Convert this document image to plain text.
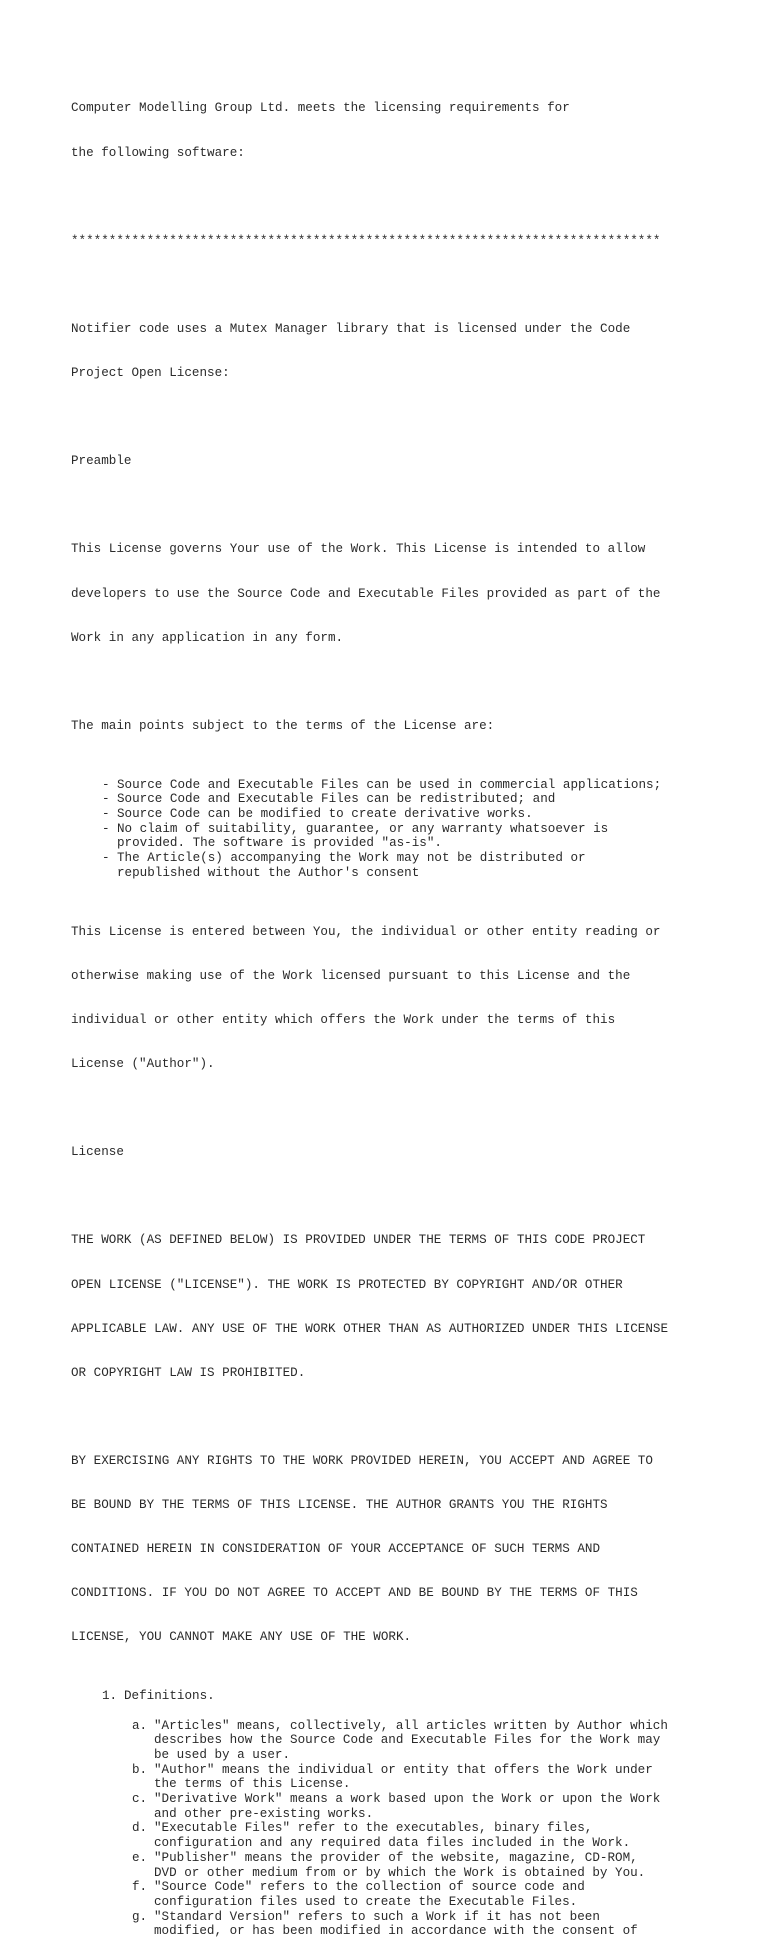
Computer Modelling Group Ltd. meets the licensing requirements for

the following software:

******************************************************************************

Notifier code uses a Mutex Manager library that is licensed under the Code

Project Open License:

Preamble

This License governs Your use of the Work. This License is intended to allow

developers to use the Source Code and Executable Files provided as part of the

Work in any application in any form.

The main points subject to the terms of the License are:

- Source Code and Executable Files can be used in commercial applications;
- Source Code and Executable Files can be redistributed; and
- Source Code can be modified to create derivative works.
- No claim of suitability, guarantee, or any warranty whatsoever is
provided. The software is provided "as-is".
- The Article(s) accompanying the Work may not be distributed or
republished without the Author's consent

This License is entered between You, the individual or other entity reading or

otherwise making use of the Work licensed pursuant to this License and the

individual or other entity which offers the Work under the terms of this

License ("Author").

License

THE WORK (AS DEFINED BELOW) IS PROVIDED UNDER THE TERMS OF THIS CODE PROJECT

OPEN LICENSE ("LICENSE"). THE WORK IS PROTECTED BY COPYRIGHT AND/OR OTHER

APPLICABLE LAW. ANY USE OF THE WORK OTHER THAN AS AUTHORIZED UNDER THIS LICENSE

OR COPYRIGHT LAW IS PROHIBITED.

BY EXERCISING ANY RIGHTS TO THE WORK PROVIDED HEREIN, YOU ACCEPT AND AGREE TO

BE BOUND BY THE TERMS OF THIS LICENSE. THE AUTHOR GRANTS YOU THE RIGHTS

CONTAINED HEREIN IN CONSIDERATION OF YOUR ACCEPTANCE OF SUCH TERMS AND

CONDITIONS. IF YOU DO NOT AGREE TO ACCEPT AND BE BOUND BY THE TERMS OF THIS

LICENSE, YOU CANNOT MAKE ANY USE OF THE WORK.

1. Definitions.
a. "Articles" means, collectively, all articles written by Author which
describes how the Source Code and Executable Files for the Work may
be used by a user.
b. "Author" means the individual or entity that offers the Work under
the terms of this License.
c. "Derivative Work" means a work based upon the Work or upon the Work
and other pre-existing works.
d. "Executable Files" refer to the executables, binary files,
configuration and any required data files included in the Work.
e. "Publisher" means the provider of the website, magazine, CD-ROM,
DVD or other medium from or by which the Work is obtained by You.
f. "Source Code" refers to the collection of source code and
configuration files used to create the Executable Files.
g. "Standard Version" refers to such a Work if it has not been
modified, or has been modified in accordance with the consent of
